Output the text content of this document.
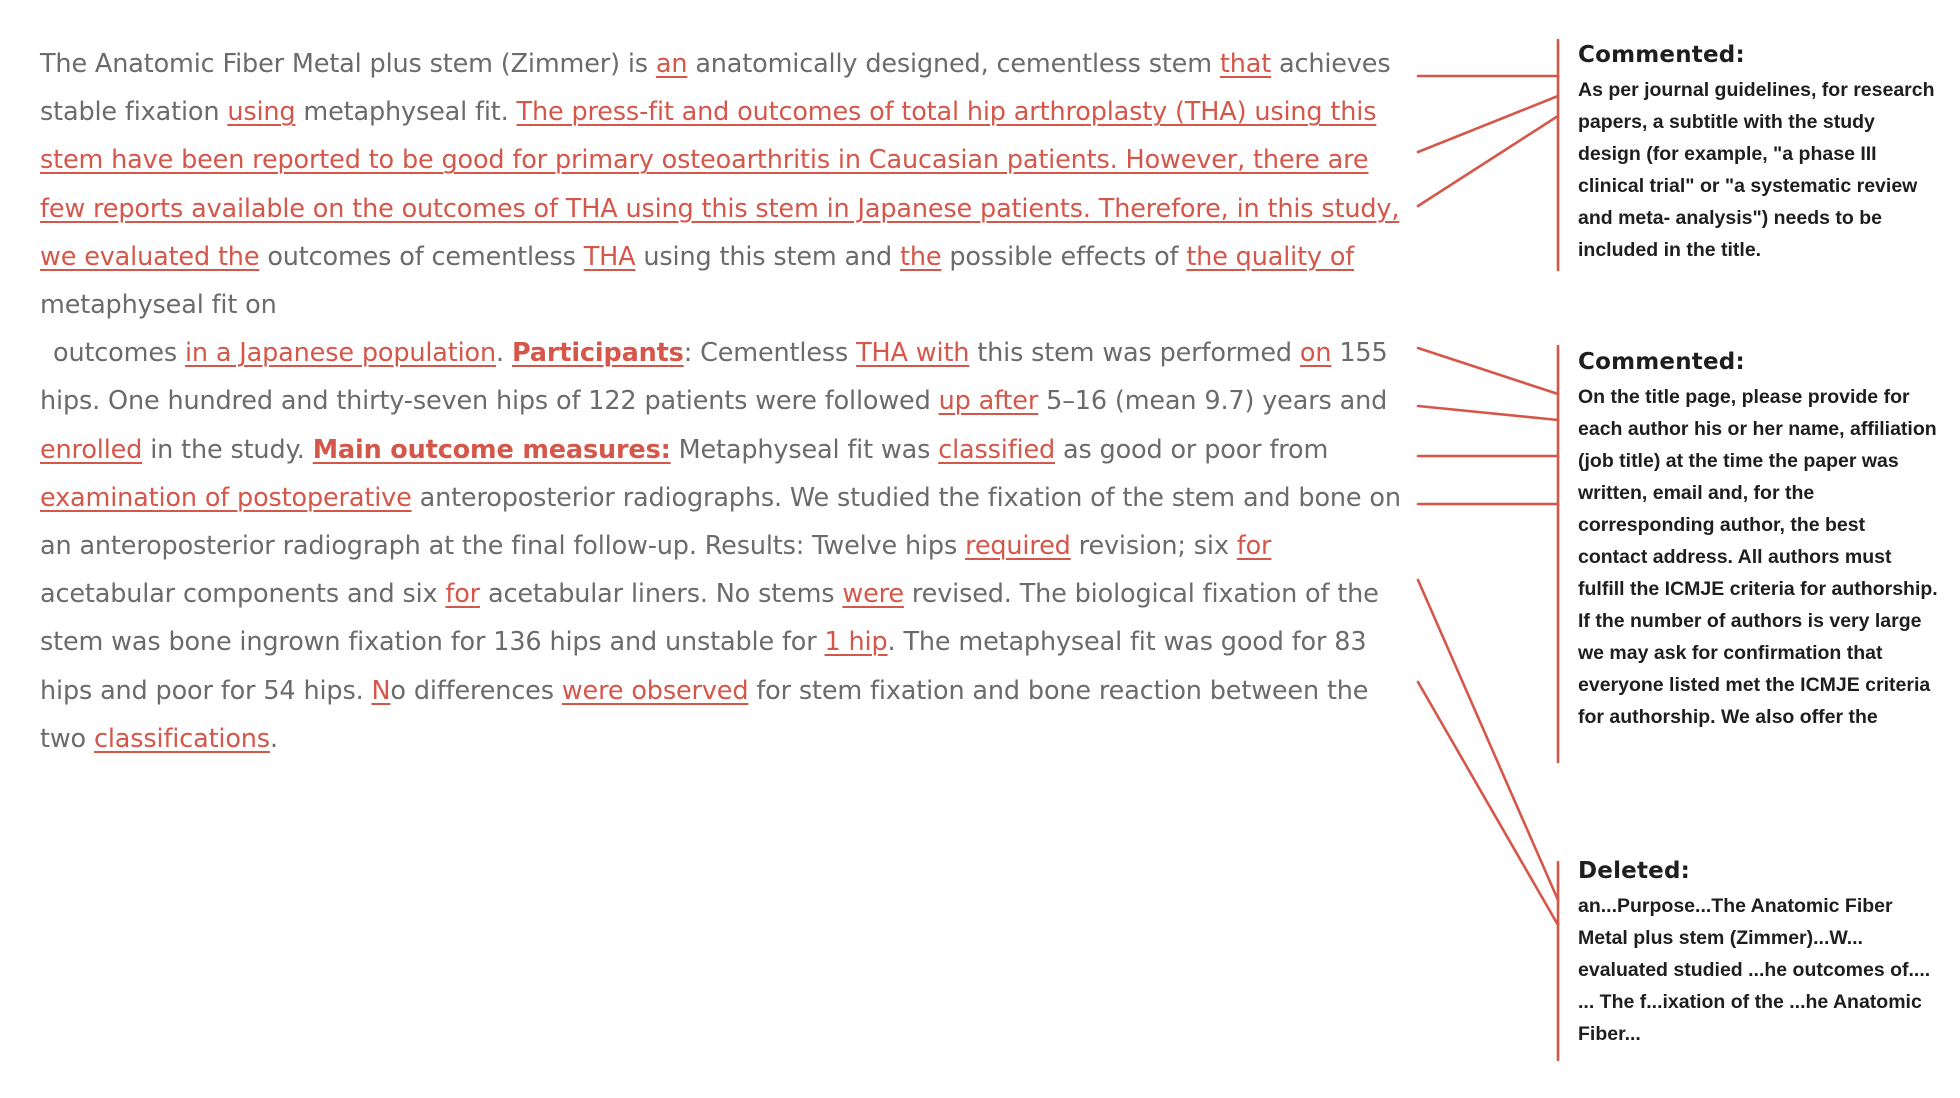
The Anatomic Fiber Metal plus stem (Zimmer) is an anatomically designed, cementless stem that achieves stable fixation using metaphyseal fit. The press-fit and outcomes of total hip arthroplasty (THA) using this stem have been reported to be good for primary osteoarthritis in Caucasian patients. However, there are few reports available on the outcomes of THA using this stem in Japanese patients. Therefore, in this study, we evaluated the outcomes of cementless THA using this stem and the possible effects of the quality of metaphyseal fit on
outcomes in a Japanese population. Participants: Cementless THA with this stem was performed on 155 hips. One hundred and thirty-seven hips of 122 patients were followed up after 5–16 (mean 9.7) years and enrolled in the study. Main outcome measures: Metaphyseal fit was classified as good or poor from examination of postoperative anteroposterior radiographs. We studied the fixation of the stem and bone on an anteroposterior radiograph at the final follow-up. Results: Twelve hips required revision; six for acetabular components and six for acetabular liners. No stems were revised. The biological fixation of the stem was bone ingrown fixation for 136 hips and unstable for 1 hip. The metaphyseal fit was good for 83 hips and poor for 54 hips. No differences were observed for stem fixation and bone reaction between the two classifications.
Commented:
As per journal guidelines, for research papers, a subtitle with the study design (for example, "a phase III clinical trial" or "a systematic review and meta- analysis") needs to be included in the title.
Commented:
On the title page, please provide for each author his or her name, affiliation (job title) at the time the paper was written, email and, for the corresponding author, the best contact address. All authors must fulfill the ICMJE criteria for authorship. If the number of authors is very large we may ask for confirmation that everyone listed met the ICMJE criteria for authorship. We also offer the
Deleted:
an...Purpose...The Anatomic Fiber Metal plus stem (Zimmer)...W... evaluated studied ...he outcomes of.... ... The f...ixation of the ...he Anatomic Fiber...
